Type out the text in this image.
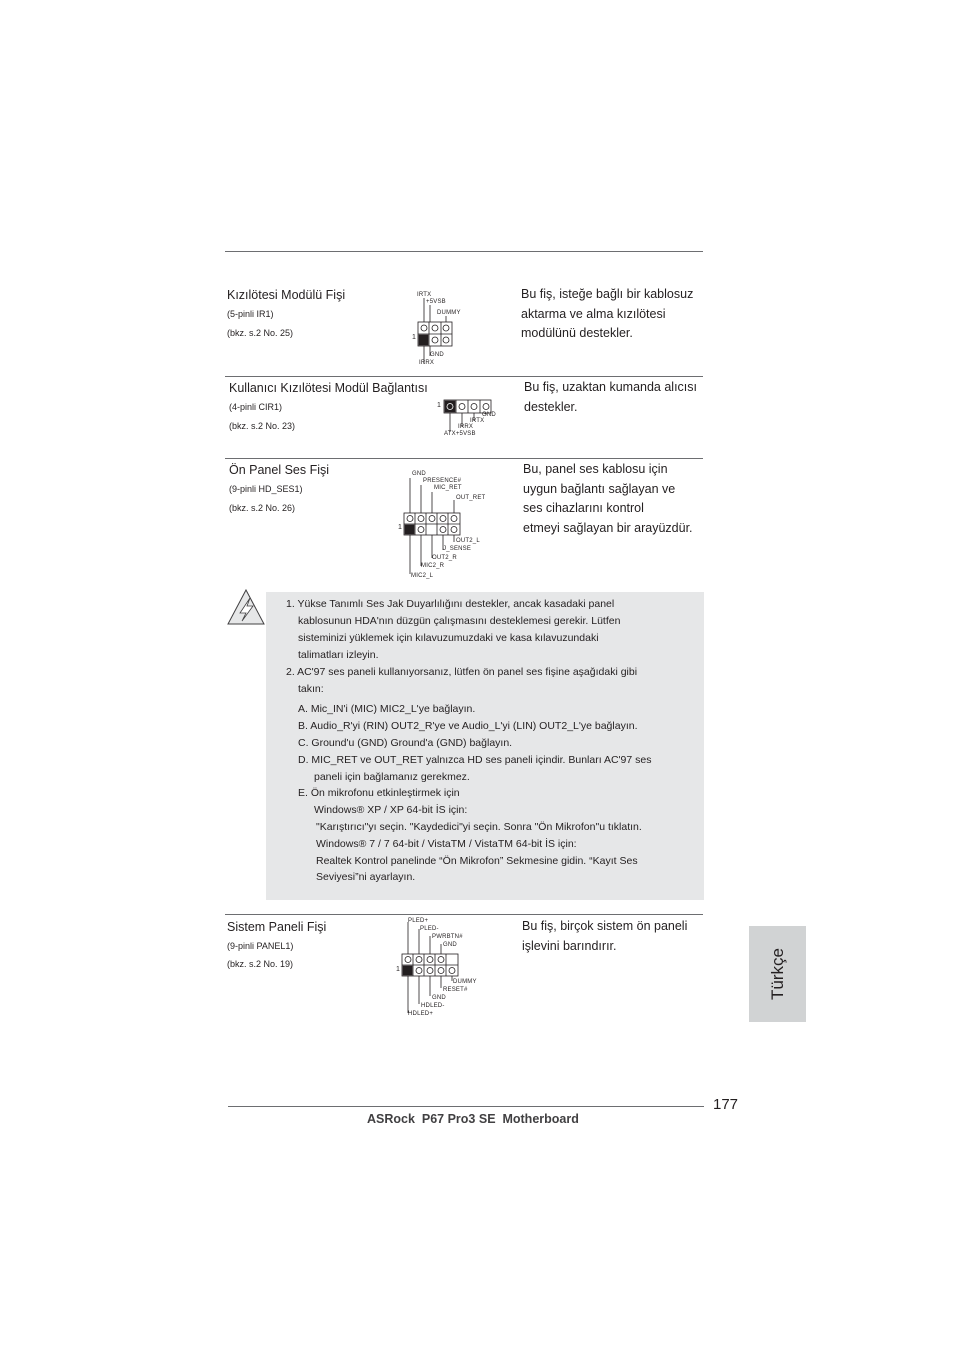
Kızılötesi Modülü Fişi
(5-pinli IR1)
(bkz. s.2 No. 25)
Bu fiş, isteğe bağlı bir kablosuz
aktarma ve alma kızılötesi
modülünü destekler.
IRTX
+5VSB
DUMMY
GND
IRRX
1
Kullanıcı Kızılötesi Modül Bağlantısı
(4-pinli CIR1)
(bkz. s.2 No. 23)
Bu fiş, uzaktan kumanda alıcısı
destekler.
GND
IRTX
IRRX
ATX+5VSB
1
Ön Panel Ses Fişi
(9-pinli HD_SES1)
(bkz. s.2 No. 26)
Bu, panel ses kablosu için
uygun bağlantı sağlayan ve
ses cihazlarını kontrol
etmeyi sağlayan bir arayüzdür.
GND
PRESENCE#
MIC_RET
OUT_RET
OUT2_L
J_SENSE
OUT2_R
MIC2_R
MIC2_L
1
1. Yükse Tanımlı Ses Jak Duyarlılığını destekler, ancak kasadaki panel
kablosunun HDA'nın düzgün çalışmasını desteklemesi gerekir. Lütfen
sisteminizi yüklemek için kılavuzumuzdaki ve kasa kılavuzundaki
talimatları izleyin.
2. AC'97 ses paneli kullanıyorsanız, lütfen ön panel ses fişine aşağıdaki gibi
takın:
A. Mic_IN'i (MIC) MIC2_L'ye bağlayın.
B. Audio_R'yi (RIN) OUT2_R'ye ve Audio_L'yi (LIN) OUT2_L'ye bağlayın.
C. Ground'u (GND) Ground'a (GND) bağlayın.
D. MIC_RET ve OUT_RET yalnızca HD ses paneli içindir. Bunları AC'97 ses
paneli için bağlamanız gerekmez.
E. Ön mikrofonu etkinleştirmek için
Windows® XP / XP 64-bit İS için:
"Karıştırıcı"yı seçin. "Kaydedici"yi seçin. Sonra "Ön Mikrofon"u tıklatın.
Windows® 7 / 7 64-bit / VistaTM / VistaTM 64-bit İS için:
Realtek Kontrol panelinde “Ön Mikrofon” Sekmesine gidin. “Kayıt Ses
Seviyesi”ni ayarlayın.
Sistem Paneli Fişi
(9-pinli PANEL1)
(bkz. s.2 No. 19)
Bu fiş, birçok sistem ön paneli
işlevini barındırır.
PLED+
PLED-
PWRBTN#
GND
DUMMY
RESET#
GND
HDLED-
HDLED+
1	Türkçe
177
ASRock  P67 Pro3 SE  Motherboard
